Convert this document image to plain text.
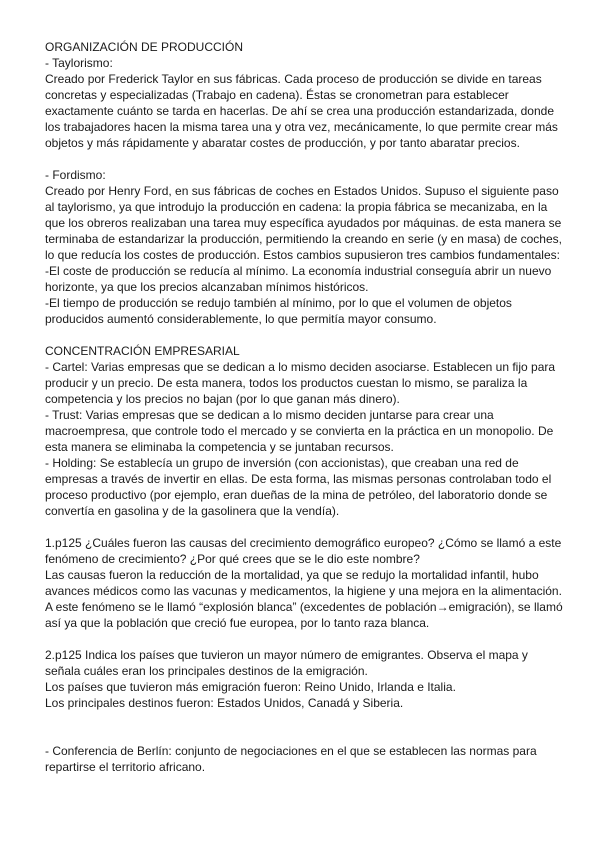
ORGANIZACIÓN DE PRODUCCIÓN
- Taylorismo:
Creado por Frederick Taylor en sus fábricas. Cada proceso de producción se divide en tareas
concretas y especializadas (Trabajo en cadena). Éstas se cronometran para establecer
exactamente cuánto se tarda en hacerlas. De ahí se crea una producción estandarizada, donde
los trabajadores hacen la misma tarea una y otra vez, mecánicamente, lo que permite crear más
objetos y más rápidamente y abaratar costes de producción, y por tanto abaratar precios.
- Fordismo:
Creado por Henry Ford, en sus fábricas de coches en Estados Unidos. Supuso el siguiente paso
al taylorismo, ya que introdujo la producción en cadena: la propia fábrica se mecanizaba, en la
que los obreros realizaban una tarea muy específica ayudados por máquinas. de esta manera se
terminaba de estandarizar la producción, permitiendo la creando en serie (y en masa) de coches,
lo que reducía los costes de producción. Estos cambios supusieron tres cambios fundamentales:
-El coste de producción se reducía al mínimo. La economía industrial conseguía abrir un nuevo
horizonte, ya que los precios alcanzaban mínimos históricos.
-El tiempo de producción se redujo también al mínimo, por lo que el volumen de objetos
producidos aumentó considerablemente, lo que permitía mayor consumo.
CONCENTRACIÓN EMPRESARIAL
- Cartel: Varias empresas que se dedican a lo mismo deciden asociarse. Establecen un fijo para
producir y un precio. De esta manera, todos los productos cuestan lo mismo, se paraliza la
competencia y los precios no bajan (por lo que ganan más dinero).
- Trust: Varias empresas que se dedican a lo mismo deciden juntarse para crear una
macroempresa, que controle todo el mercado y se convierta en la práctica en un monopolio. De
esta manera se eliminaba la competencia y se juntaban recursos.
- Holding: Se establecía un grupo de inversión (con accionistas), que creaban una red de
empresas a través de invertir en ellas. De esta forma, las mismas personas controlaban todo el
proceso productivo (por ejemplo, eran dueñas de la mina de petróleo, del laboratorio donde se
convertía en gasolina y de la gasolinera que la vendía).
1.p125 ¿Cuáles fueron las causas del crecimiento demográfico europeo? ¿Cómo se llamó a este
fenómeno de crecimiento? ¿Por qué crees que se le dio este nombre?
Las causas fueron la reducción de la mortalidad, ya que se redujo la mortalidad infantil, hubo
avances médicos como las vacunas y medicamentos, la higiene y una mejora en la alimentación.
A este fenómeno se le llamó “explosión blanca” (excedentes de población→emigración), se llamó
así ya que la población que creció fue europea, por lo tanto raza blanca.
2.p125 Indica los países que tuvieron un mayor número de emigrantes. Observa el mapa y
señala cuáles eran los principales destinos de la emigración.
Los países que tuvieron más emigración fueron: Reino Unido, Irlanda e Italia.
Los principales destinos fueron: Estados Unidos, Canadá y Siberia.
- Conferencia de Berlín: conjunto de negociaciones en el que se establecen las normas para
repartirse el territorio africano.
